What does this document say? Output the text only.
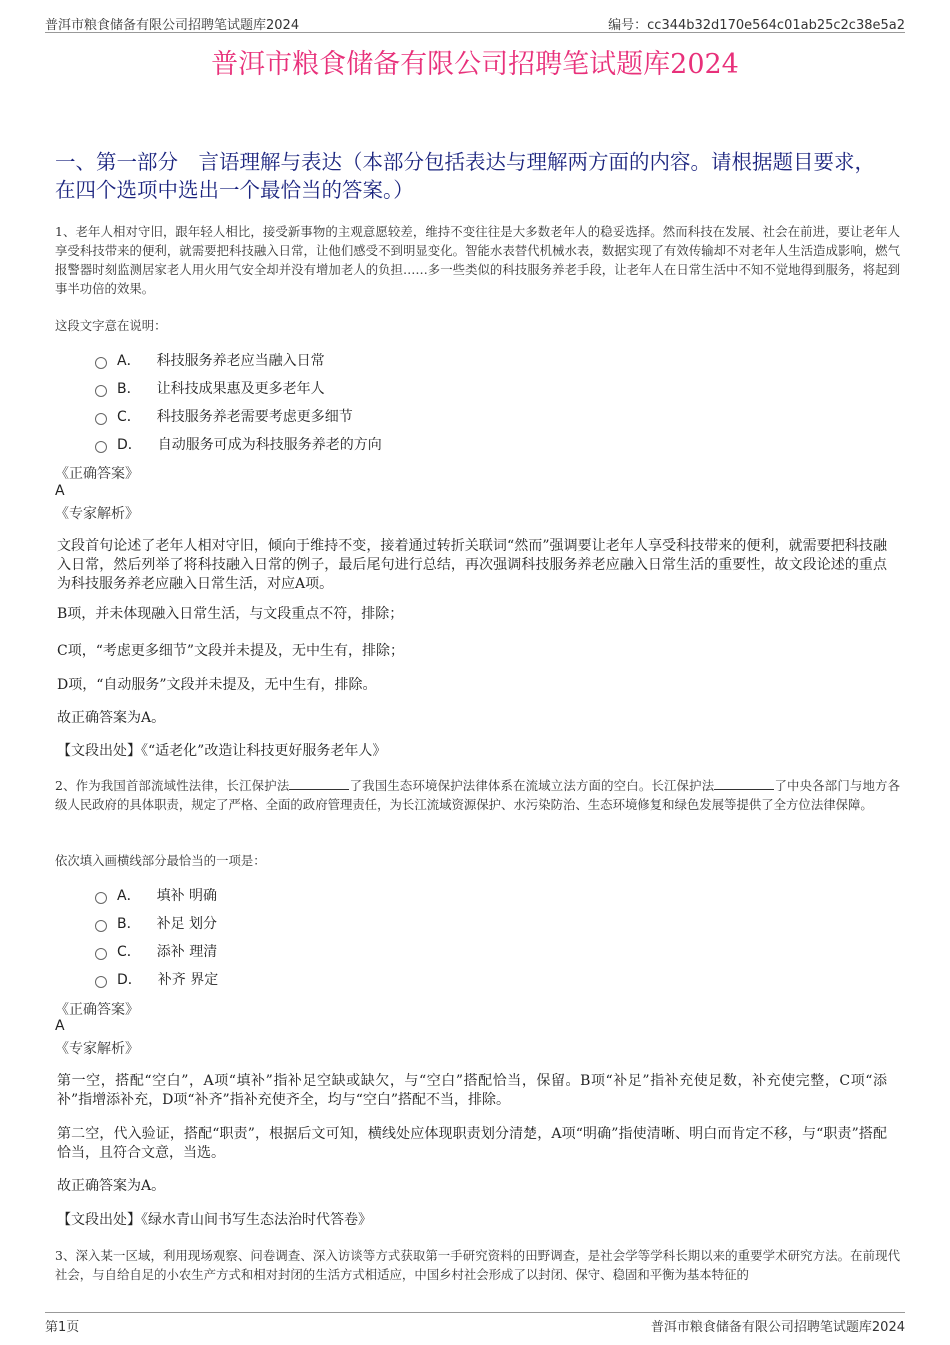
普洱市粮食储备有限公司招聘笔试题库2024	编号：cc344b32d170e564c01ab25c2c38e5a2
普洱市粮食储备有限公司招聘笔试题库2024
一、第一部分　言语理解与表达（本部分包括表达与理解两方面的内容。请根据题目要求，在四个选项中选出一个最恰当的答案。）

1、老年人相对守旧，跟年轻人相比，接受新事物的主观意愿较差，维持不变往往是大多数老年人的稳妥选择。然而科技在发展、社会在前进，要让老年人享受科技带来的便利，就需要把科技融入日常，让他们感受不到明显变化。智能水表替代机械水表，数据实现了有效传输却不对老年人生活造成影响，燃气报警器时刻监测居家老人用火用气安全却并没有增加老人的负担……多一些类似的科技服务养老手段，让老年人在日常生活中不知不觉地得到服务，将起到事半功倍的效果。

这段文字意在说明：
A． 科技服务养老应当融入日常
B． 让科技成果惠及更多老年人
C． 科技服务养老需要考虑更多细节
D． 自动服务可成为科技服务养老的方向
《正确答案》
A
《专家解析》

文段首句论述了老年人相对守旧，倾向于维持不变，接着通过转折关联词“然而”强调要让老年人享受科技带来的便利，就需要把科技融入日常，然后列举了将科技融入日常的例子，最后尾句进行总结，再次强调科技服务养老应融入日常生活的重要性，故文段论述的重点为科技服务养老应融入日常生活，对应A项。

B项，并未体现融入日常生活，与文段重点不符，排除；
C项，“考虑更多细节”文段并未提及，无中生有，排除；
D项，“自动服务”文段并未提及，无中生有，排除。
故正确答案为A。
【文段出处】《“适老化”改造让科技更好服务老年人》

2、作为我国首部流域性法律，长江保护法	了我国生态环境保护法律体系在流域立法方面的空白。长江保护法	了中央各部门与地方各级人民政府的具体职责，规定了严格、全面的政府管理责任，为长江流域资源保护、水污染防治、生态环境修复和绿色发展等提供了全方位法律保障。

依次填入画横线部分最恰当的一项是：
A． 填补 明确
B． 补足 划分
C． 添补 理清
D． 补齐 界定
《正确答案》
A
《专家解析》

第一空，搭配“空白”，A项“填补”指补足空缺或缺欠，与“空白”搭配恰当，保留。B项“补足”指补充使足数，补充使完整，C项“添补”指增添补充，D项“补齐”指补充使齐全，均与“空白”搭配不当，排除。

第二空，代入验证，搭配“职责”，根据后文可知，横线处应体现职责划分清楚，A项“明确”指使清晰、明白而肯定不移，与“职责”搭配恰当，且符合文意，当选。

故正确答案为A。
【文段出处】《绿水青山间书写生态法治时代答卷》

3、深入某一区域，利用现场观察、问卷调查、深入访谈等方式获取第一手研究资料的田野调查，是社会学等学科长期以来的重要学术研究方法。在前现代社会，与自给自足的小农生产方式和相对封闭的生活方式相适应，中国乡村社会形成了以封闭、保守、稳固和平衡为基本特征的

第1页	普洱市粮食储备有限公司招聘笔试题库2024
